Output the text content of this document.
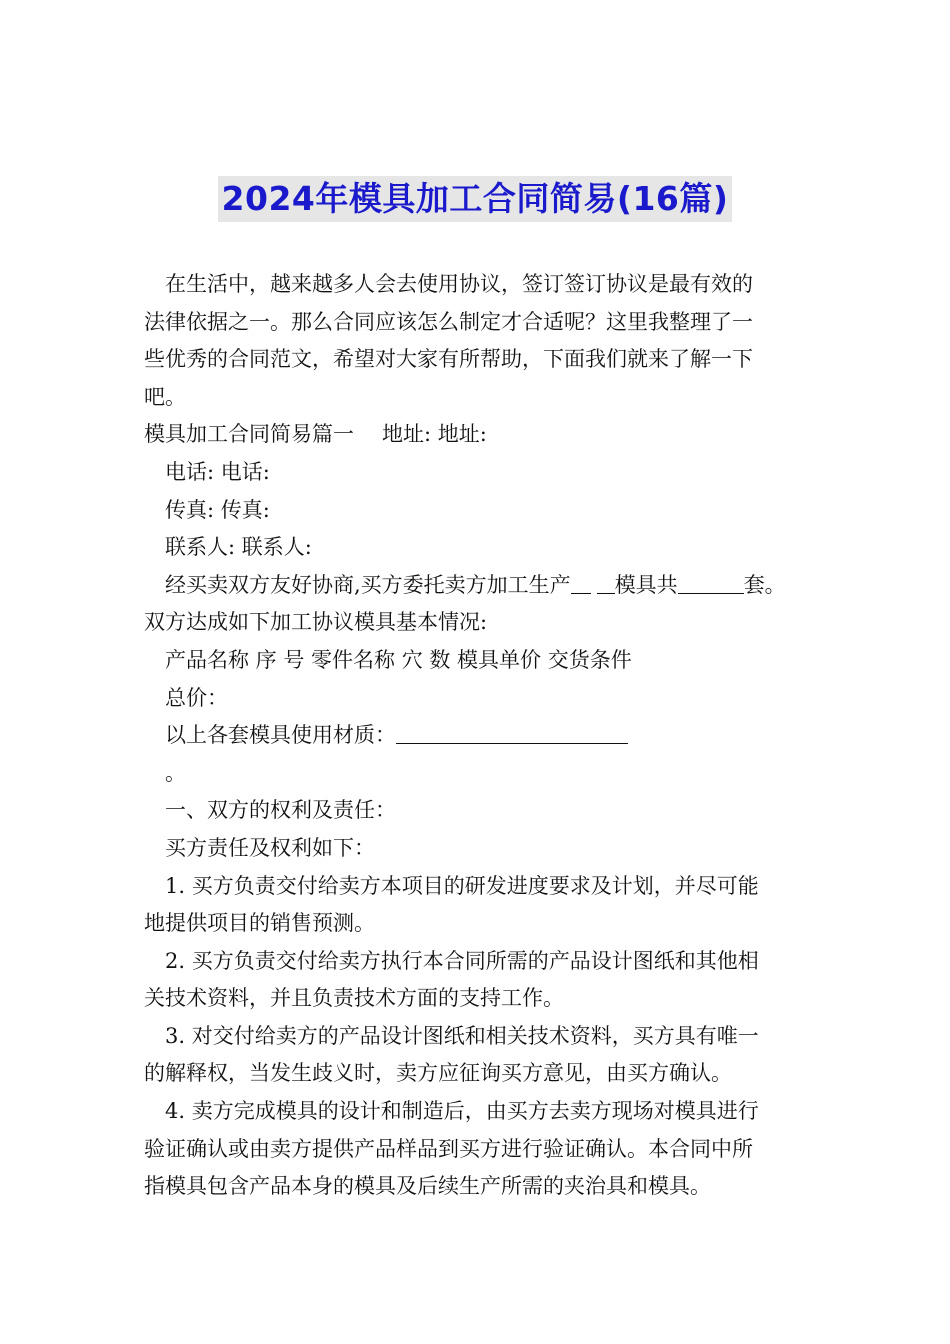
2024年模具加工合同简易(16篇)

在生活中，越来越多人会去使用协议，签订签订协议是最有效的

法律依据之一。那么合同应该怎么制定才合适呢？这里我整理了一

些优秀的合同范文，希望对大家有所帮助，下面我们就来了解一下

吧。

模具加工合同简易篇一 地址: 地址:

电话: 电话:

传真: 传真:

联系人: 联系人:

经买卖双方友好协商,买方委托卖方加工生产 模具共	套。

双方达成如下加工协议模具基本情况:

产品名称 序 号 零件名称 穴 数 模具单价 交货条件

总价：

以上各套模具使用材质：

。

一、双方的权利及责任：

买方责任及权利如下：

1. 买方负责交付给卖方本项目的研发进度要求及计划，并尽可能

地提供项目的销售预测。

2. 买方负责交付给卖方执行本合同所需的产品设计图纸和其他相

关技术资料，并且负责技术方面的支持工作。

3. 对交付给卖方的产品设计图纸和相关技术资料，买方具有唯一

的解释权，当发生歧义时，卖方应征询买方意见，由买方确认。

4. 卖方完成模具的设计和制造后，由买方去卖方现场对模具进行

验证确认或由卖方提供产品样品到买方进行验证确认。本合同中所

指模具包含产品本身的模具及后续生产所需的夹治具和模具。
